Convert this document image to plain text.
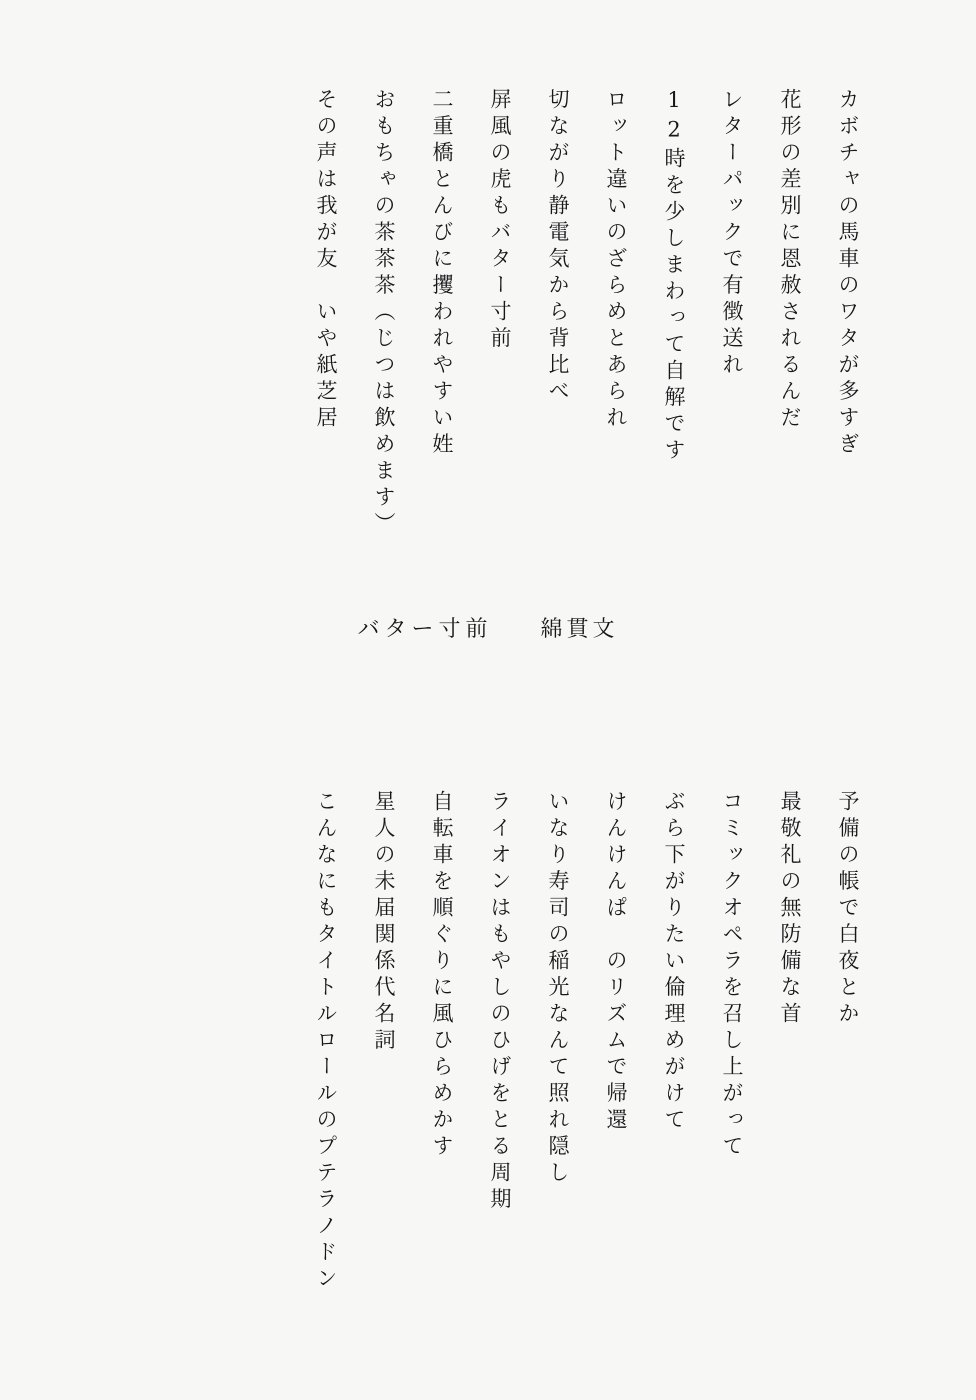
カボチャの馬車のワタが多すぎ
花形の差別に恩赦されるんだ
レターパックで有徴送れ
12時を少しまわって自解です
ロット違いのざらめとあられ
切ながり静電気から背比べ
屏風の虎もバター寸前
二重橋とんびに攫われやすい姓
おもちゃの茶茶茶（じつは飲めます）
その声は我が友　いや紙芝居
バター寸前 綿貫文
予備の帳で白夜とか
最敬礼の無防備な首
コミックオペラを召し上がって
ぶら下がりたい倫理めがけて
けんけんぱ　のリズムで帰還
いなり寿司の稲光なんて照れ隠し
ライオンはもやしのひげをとる周期
自転車を順ぐりに風ひらめかす
星人の未届関係代名詞
こんなにもタイトルロールのプテラノドン
